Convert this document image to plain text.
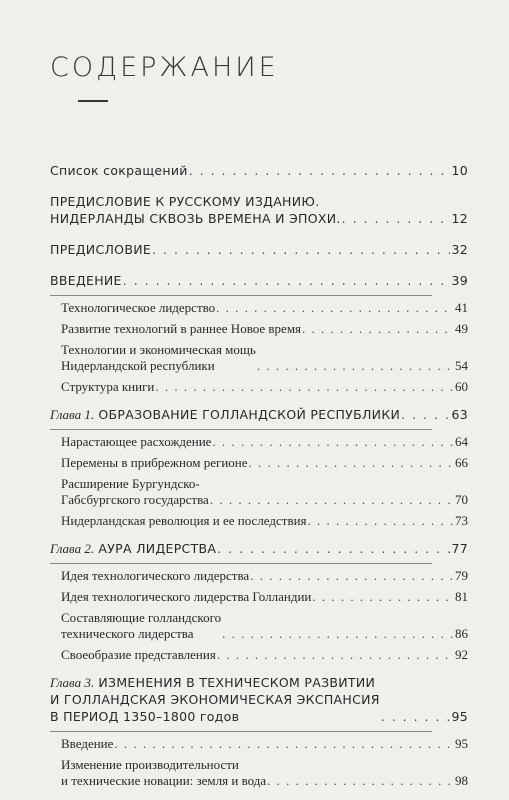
СОДЕРЖАНИЕ
Список сокращений . . .	10
ПРЕДИСЛОВИЕ К РУССКОМУ ИЗДАНИЮ.
НИДЕРЛАНДЫ СКВОЗЬ ВРЕМЕНА И ЭПОХИ. . . .	12
ПРЕДИСЛОВИЕ . . .	32
ВВЕДЕНИЕ . . .	39
Технологическое лидерство . . .	41
Развитие технологий в раннее Новое время . . .	49
Технологии и экономическая мощь
Нидерландской республики . . .	54
Структура книги . . .	60
Глава 1. ОБРАЗОВАНИЕ ГОЛЛАНДСКОЙ РЕСПУБЛИКИ . . .	63
Нарастающее расхождение . . .	64
Перемены в прибрежном регионе . . .	66
Расширение Бургундско-
Габсбургского государства . . .	70
Нидерландская революция и ее последствия . . .	73
Глава 2. АУРА ЛИДЕРСТВА . . .	77
Идея технологического лидерства . . .	79
Идея технологического лидерства Голландии . . .	81
Составляющие голландского
технического лидерства . . .	86
Своеобразие представления . . .	92
Глава 3. ИЗМЕНЕНИЯ В ТЕХНИЧЕСКОМ РАЗВИТИИ
И ГОЛЛАНДСКАЯ ЭКОНОМИЧЕСКАЯ ЭКСПАНСИЯ
В ПЕРИОД 1350–1800 годов . . .	95
Введение . . .	95
Изменение производительности
и технические новации: земля и вода . . .	98
